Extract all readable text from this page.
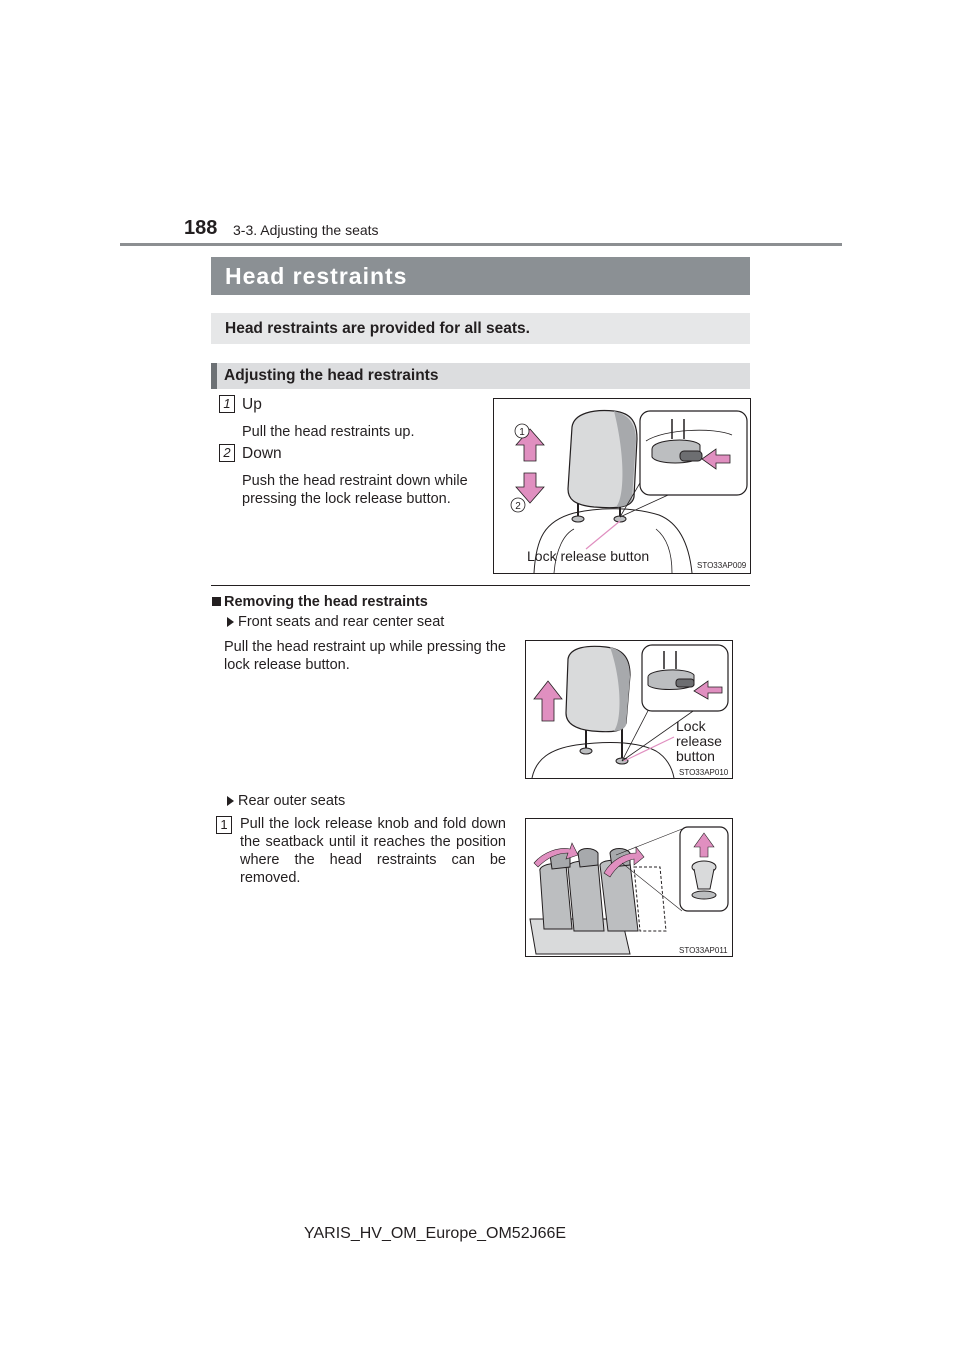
188 3-3. Adjusting the seats
Head restraints
Head restraints are provided for all seats.
Adjusting the head restraints
1 Up
Pull the head restraints up.
2 Down
Push the head restraint down while pressing the lock release button.
1
2
Lock release button
STO33AP009
Removing the head restraints
Front seats and rear center seat
Pull the head restraint up while pressing the lock release button.
Lock
release
button
STO33AP010
Rear outer seats
1 Pull the lock release knob and fold down the seatback until it reaches the position where the head restraints can be removed.
STO33AP011
YARIS_HV_OM_Europe_OM52J66E
